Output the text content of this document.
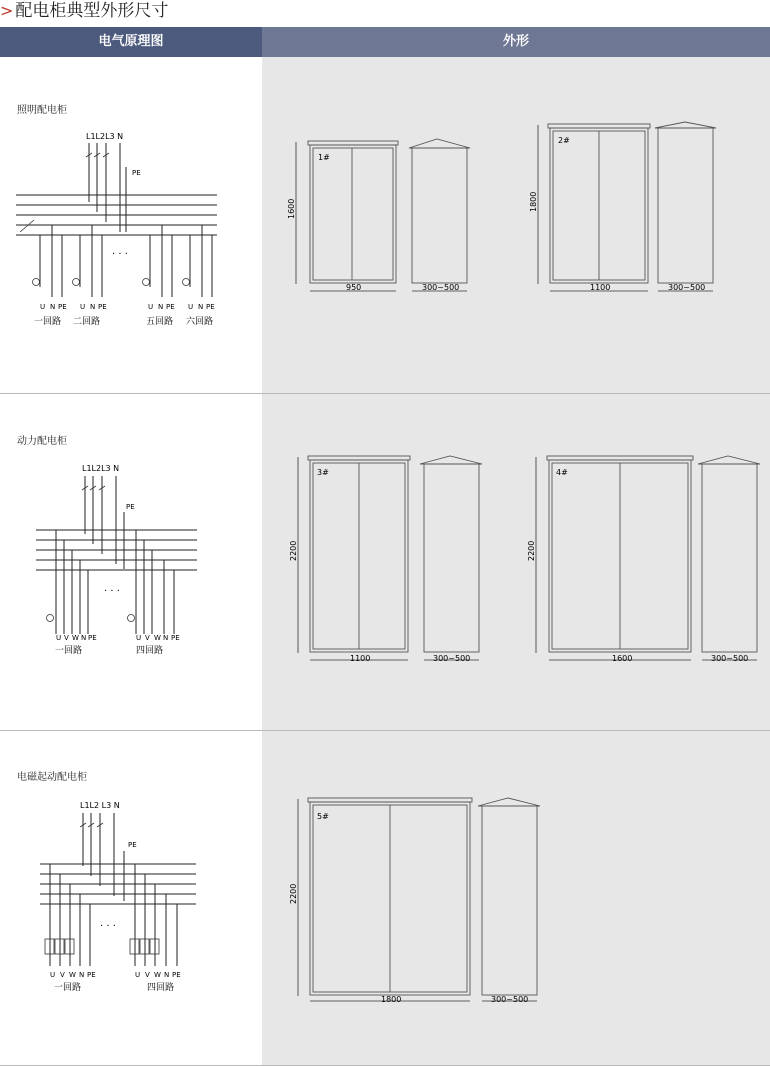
> 配电柜典型外形尺寸
电气原理图	外形
照明配电柜
L1L2L3 N
PE
· · ·
U N PE U N PE	U N PE U N PE
一回路 二回路	五回路 六回路
1#
1600
950	300~500
2#
1800
1100	300~500
动力配电柜
L1L2L3 N
PE
· · ·
U V W N PE	U V W N PE
一回路	四回路
3#
2200
1100	300~500
4#
2200
1600	300~500
电磁起动配电柜
L1L2 L3 N
PE
· · ·
U V W N PE	U V W N PE
一回路	四回路
5#
2200
1800	300~500
